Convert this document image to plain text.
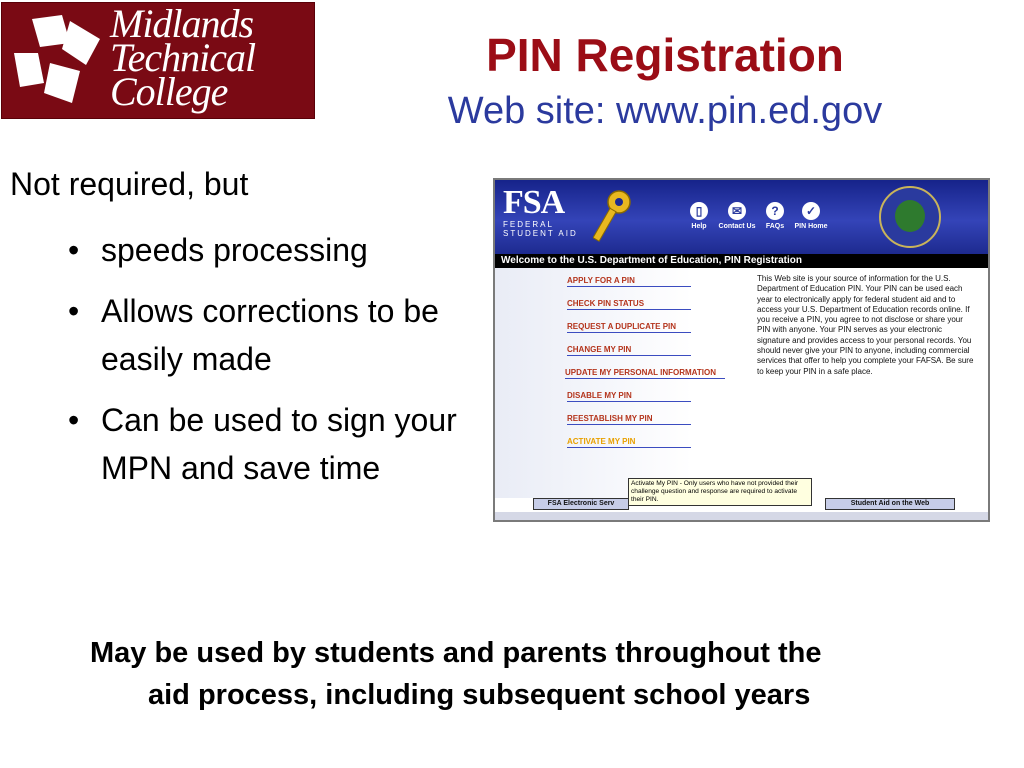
Midlands
Technical
College
PIN Registration
Web site: www.pin.ed.gov
Not required, but
• speeds processing
• Allows corrections to be easily made
• Can be used to sign your MPN and save time
FSA
FEDERAL
STUDENT AID
▯
Help
✉
Contact Us
?
FAQs
✓
PIN Home
Welcome to the U.S. Department of Education, PIN Registration
APPLY FOR A PIN
CHECK PIN STATUS
REQUEST A DUPLICATE PIN
CHANGE MY PIN
UPDATE MY PERSONAL INFORMATION
DISABLE MY PIN
REESTABLISH MY PIN
ACTIVATE MY PIN
This Web site is your source of information for the U.S. Department of Education PIN. Your PIN can be used each year to electronically apply for federal student aid and to access your U.S. Department of Education records online. If you receive a PIN, you agree to not disclose or share your PIN with anyone. Your PIN serves as your electronic signature and provides access to your personal records. You should never give your PIN to anyone, including commercial services that offer to help you complete your FAFSA. Be sure to keep your PIN in a safe place.
FSA Electronic Serv	Student Aid on the Web
Activate My PIN - Only users who have not provided their challenge question and response are required to activate their PIN.
May be used by students and parents throughout the
aid process, including subsequent school years
